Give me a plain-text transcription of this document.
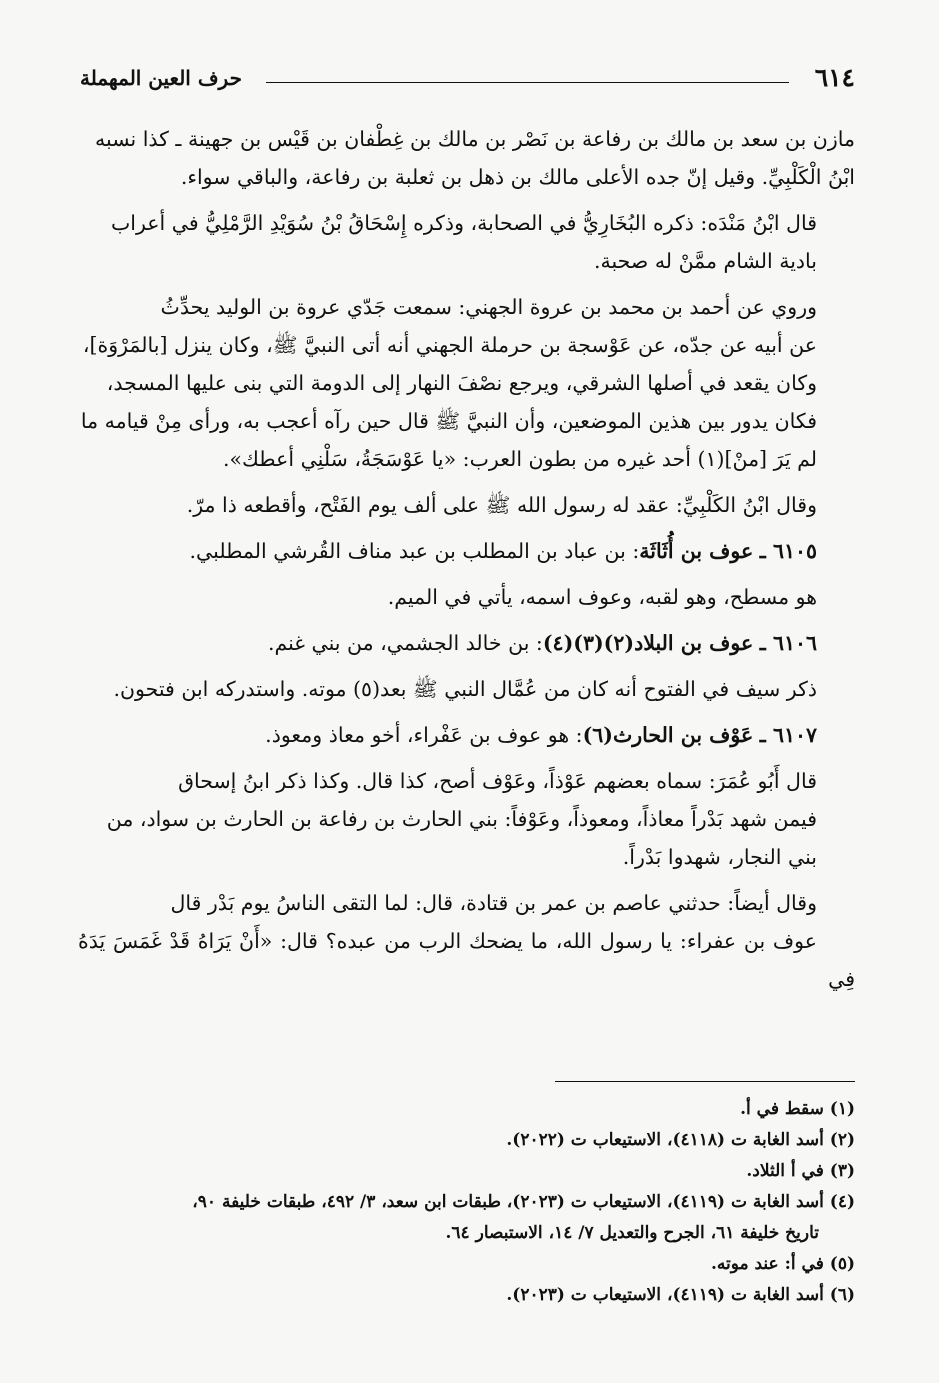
٦١٤
حرف العين المهملة

مازن بن سعد بن مالك بن رفاعة بن نَصْر بن مالك بن غِطْفان بن قَيْس بن جهينة ـ كذا نسبه

ابْنُ الْكَلْبِيِّ. وقيل إنّ جده الأعلى مالك بن ذهل بن ثعلبة بن رفاعة، والباقي سواء.

قال ابْنُ مَنْدَه: ذكره البُخَارِيُّ في الصحابة، وذكره إِسْحَاقُ بْنُ سُوَيْدِ الرَّمْلِيُّ في أعراب

بادية الشام ممَّنْ له صحبة.

وروي عن أحمد بن محمد بن عروة الجهني: سمعت جَدّي عروة بن الوليد يحدِّثُ

عن أبيه عن جدّه، عن عَوْسجة بن حرملة الجهني أنه أتى النبيَّ ﷺ، وكان ينزل [بالمَرْوَة]،

وكان يقعد في أصلها الشرقي، ويرجع نصْفَ النهار إلى الدومة التي بنى عليها المسجد،

فكان يدور بين هذين الموضعين، وأن النبيَّ ﷺ قال حين رآه أعجب به، ورأى مِنْ قيامه ما

لم يَرَ [منْ](١) أحد غيره من بطون العرب: «يا عَوْسَجَةُ، سَلْنِي أعطك».

وقال ابْنُ الكَلْبِيِّ: عقد له رسول الله ﷺ على ألف يوم الفَتْح، وأقطعه ذا مرّ.

٦١٠٥ ـ عوف بن أُثَاثَة: بن عباد بن المطلب بن عبد مناف القُرشي المطلبي.

هو مسطح، وهو لقبه، وعوف اسمه، يأتي في الميم.

٦١٠٦ ـ عوف بن البلاد(٢)(٣)(٤): بن خالد الجشمي، من بني غنم.

ذكر سيف في الفتوح أنه كان من عُمَّال النبي ﷺ بعد(٥) موته. واستدركه ابن فتحون.

٦١٠٧ ـ عَوْف بن الحارث(٦): هو عوف بن عَفْراء، أخو معاذ ومعوذ.

قال أَبُو عُمَرَ: سماه بعضهم عَوْذاً، وعَوْف أصح، كذا قال. وكذا ذكر ابنُ إسحاق

فيمن شهد بَدْراً معاذاً، ومعوذاً، وعَوْفاً: بني الحارث بن رفاعة بن الحارث بن سواد، من

بني النجار، شهدوا بَدْراً.

وقال أيضاً: حدثني عاصم بن عمر بن قتادة، قال: لما التقى الناسُ يوم بَدْر قال

عوف بن عفراء: يا رسول الله، ما يضحك الرب من عبده؟ قال: «أَنْ يَرَاهُ قَدْ غَمَسَ يَدَهُ فِي

(١) سقط في أ.

(٢) أسد الغابة ت (٤١١٨)، الاستيعاب ت (٢٠٢٢).

(٣) في أ الثلاد.

(٤) أسد الغابة ت (٤١١٩)، الاستيعاب ت (٢٠٢٣)، طبقات ابن سعد، ٣/ ٤٩٢، طبقات خليفة ٩٠،

تاريخ خليفة ٦١، الجرح والتعديل ٧/ ١٤، الاستبصار ٦٤.

(٥) في أ: عند موته.

(٦) أسد الغابة ت (٤١١٩)، الاستيعاب ت (٢٠٢٣).
